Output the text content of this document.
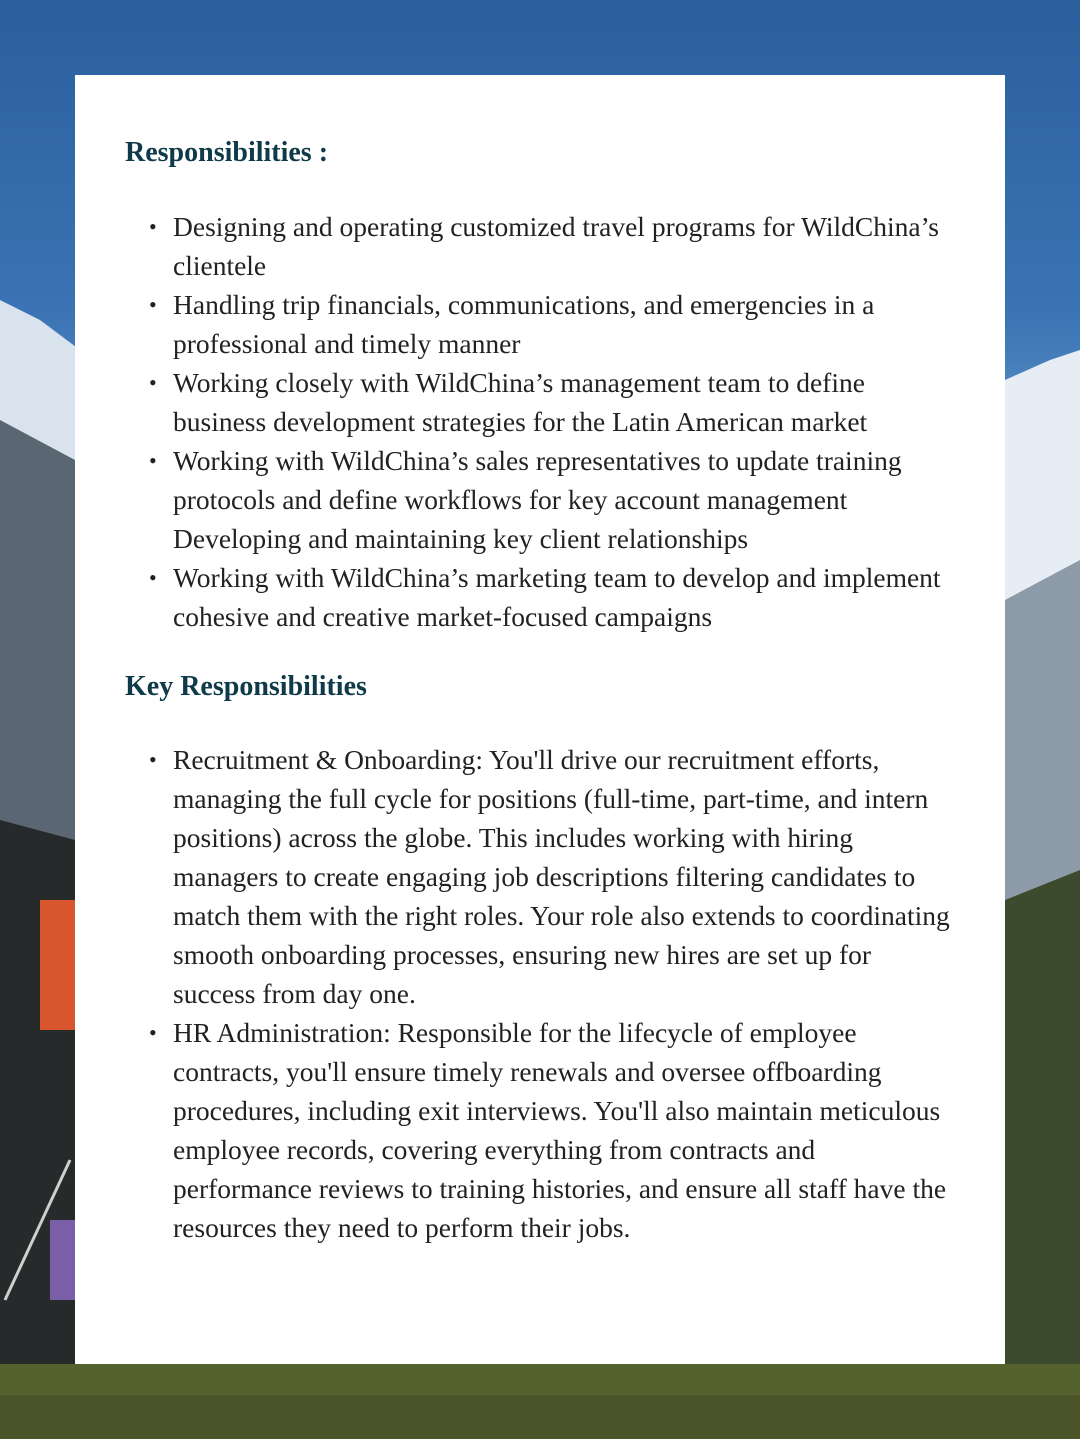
Responsibilities :
• Designing and operating customized travel programs for WildChina’s clientele
• Handling trip financials, communications, and emergencies in a professional and timely manner
• Working closely with WildChina’s management team to define business development strategies for the Latin American market
• Working with WildChina’s sales representatives to update training protocols and define workflows for key account management Developing and maintaining key client relationships
• Working with WildChina’s marketing team to develop and implement cohesive and creative market-focused campaigns
Key Responsibilities
• Recruitment & Onboarding: You'll drive our recruitment efforts, managing the full cycle for positions (full-time, part-time, and intern positions) across the globe. This includes working with hiring managers to create engaging job descriptions filtering candidates to match them with the right roles. Your role also extends to coordinating smooth onboarding processes, ensuring new hires are set up for success from day one.
• HR Administration: Responsible for the lifecycle of employee contracts, you'll ensure timely renewals and oversee offboarding procedures, including exit interviews. You'll also maintain meticulous employee records, covering everything from contracts and performance reviews to training histories, and ensure all staff have the resources they need to perform their jobs.
